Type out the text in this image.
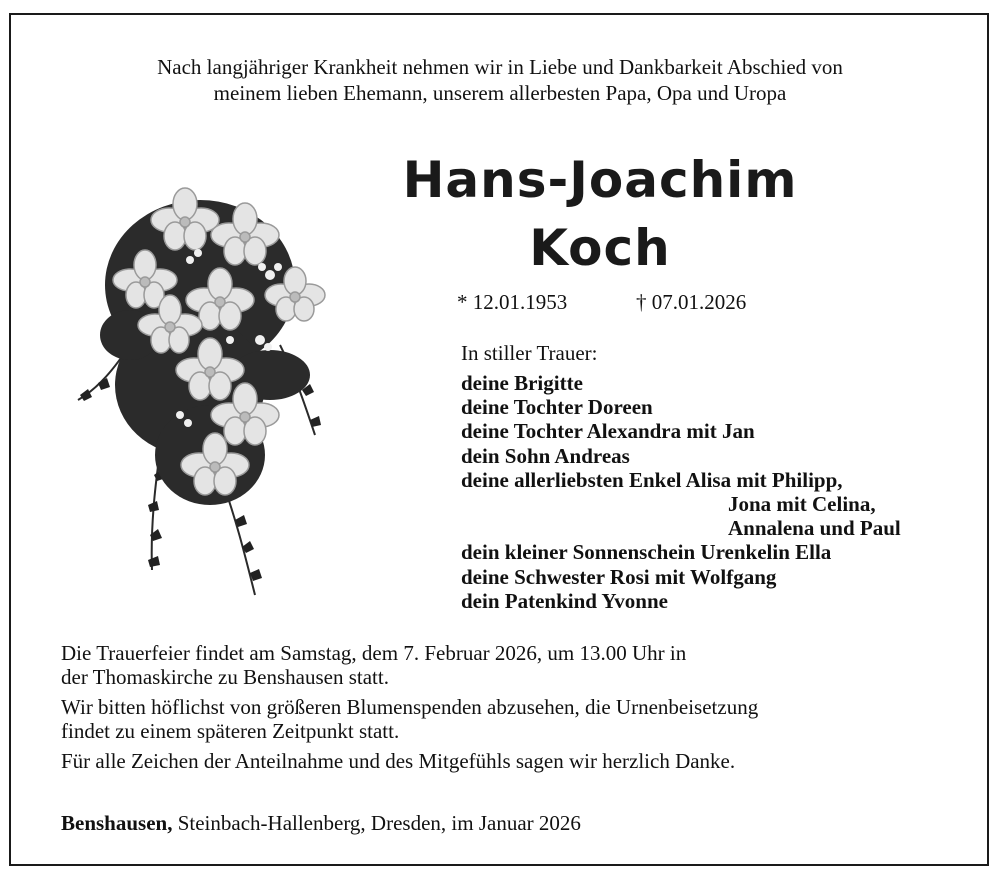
Nach langjähriger Krankheit nehmen wir in Liebe und Dankbarkeit Abschied von
meinem lieben Ehemann, unserem allerbesten Papa, Opa und Uropa
Hans-Joachim
Koch
* 12.01.1953	† 07.01.2026
In stiller Trauer:
deine Brigitte
deine Tochter Doreen
deine Tochter Alexandra mit Jan
dein Sohn Andreas
deine allerliebsten Enkel Alisa mit Philipp,
Jona mit Celina,
Annalena und Paul
dein kleiner Sonnenschein Urenkelin Ella
deine Schwester Rosi mit Wolfgang
dein Patenkind Yvonne
Die Trauerfeier findet am Samstag, dem 7. Februar 2026, um 13.00 Uhr in
der Thomaskirche zu Benshausen statt.
Wir bitten höflichst von größeren Blumenspenden abzusehen, die Urnenbeisetzung
findet zu einem späteren Zeitpunkt statt.
Für alle Zeichen der Anteilnahme und des Mitgefühls sagen wir herzlich Danke.
Benshausen, Steinbach-Hallenberg, Dresden, im Januar 2026
